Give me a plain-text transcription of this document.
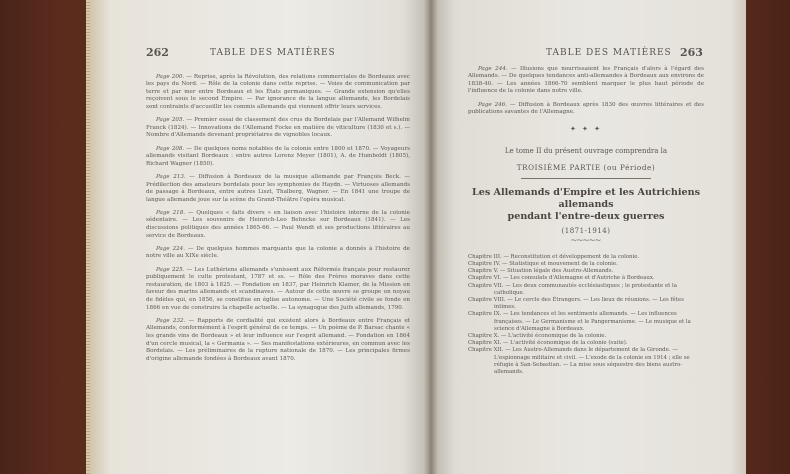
262	TABLE DES MATIÈRES

Page 200. — Reprise, après la Révolution, des relations commerciales de Bordeaux avec les pays du Nord. — Rôle de la colonie dans cette reprise. — Voies de communication par terre et par mer entre Bordeaux et les États germaniques. — Grande extension qu'elles reçoivent sous le second Empire. — Par ignorance de la langue allemande, les Bordelais sont contraints d'accueillir les commis allemands qui viennent offrir leurs services.

Page 205. — Premier essai de classement des crus du Bordelais par l'Allemand Wilhelm Franck (1824). — Innovations de l'Allemand Focke en matière de viticulture (1830 et s.). — Nombre d'Allemands devenant propriétaires de vignobles locaux.

Page 208. — De quelques noms notables de la colonie entre 1800 et 1870. — Voyageurs allemands visitant Bordeaux : entre autres Lorenz Meyer (1801), A. de Humboldt (1805), Richard Wagner (1850).

Page 213. — Diffusion à Bordeaux de la musique allemande par François Beck. — Prédilection des amateurs bordelais pour les symphonies de Haydn. — Virtuoses allemands de passage à Bordeaux, entre autres Liszt, Thalberg, Wagner. — En 1841 une troupe de langue allemande joue sur la scène du Grand-Théâtre l'opéra musical.

Page 218. — Quelques « faits divers » en liaison avec l'histoire interne de la colonie sédentaire. — Les souvenirs de Heinrich-Leo Behncke sur Bordeaux (1841). — Les discussions politiques des années 1865-66. — Paul Wendt et ses productions littéraires au service de Bordeaux.

Page 224. — De quelques hommes marquants que la colonie a donnés à l'histoire de notre ville au XIXe siècle.

Page 225. — Les Luthériens allemands s'unissent aux Réformés français pour restaurer publiquement le culte protestant, 1787 et ss. — Rôle des Frères moraves dans cette restauration, de 1803 à 1825. — Fondation en 1837, par Heinrich Klamer, de la Mission en faveur des marins allemands et scandinaves. — Autour de cette œuvre se groupe un noyau de fidèles qui, en 1856, se constitue en église autonome. — Une Société civile se fonde en 1866 en vue de construire la chapelle actuelle. — La synagogue des Juifs allemands, 1790.

Page 232. — Rapports de cordialité qui existent alors à Bordeaux entre Français et Allemands, conformément à l'esprit général de ce temps. — Un poème de P. Barsac chante « les grands vins de Bordeaux » et leur influence sur l'esprit allemand. — Fondation en 1864 d'un cercle musical, la « Germania ». — Ses manifestations extérieures, en commun avec les Bordelais. — Les préliminaires de la rupture nationale de 1870. — Les principales firmes d'origine allemande fondées à Bordeaux avant 1870.

TABLE DES MATIÈRES 263

Page 244. — Illusions que nourrissaient les Français d'alors à l'égard des Allemands. — De quelques tendances anti-allemandes à Bordeaux aux environs de 1838-40. — Les années 1866-70 semblent marquer le plus haut période de l'influence de la colonie dans notre ville.

Page 246. — Diffusion à Bordeaux après 1830 des œuvres littéraires et des publications savantes de l'Allemagne.

✦ ✦ ✦
Le tome II du présent ouvrage comprendra la
TROISIÈME PARTIE (ou Période)
Les Allemands d'Empire et les Autrichiens allemands
pendant l'entre-deux guerres
(1871-1914)
⁓⁓⁓⁓⁓
Chapitre III. — Reconstitution et développement de la colonie.
Chapitre IV. — Statistique et mouvement de la colonie.
Chapitre V. — Situation légale des Austro-Allemands.
Chapitre VI. — Les consulats d'Allemagne et d'Autriche à Bordeaux.
Chapitre VII. — Les deux communautés ecclésiastiques ; le protestante et la catholique.
Chapitre VIII. — Le cercle des Étrangers. — Les lieux de réunions. — Les fêtes intimes.
Chapitre IX. — Les tendances et les sentiments allemands. — Les influences françaises. — Le Germanisme et le Pangermanisme. — Le musique et la science d'Allemagne à Bordeaux.
Chapitre X. — L'activité économique de la colonie.
Chapitre XI. — L'activité économique de la colonie (suite).
Chapitre XII. — Les Austro-Allemands dans le département de la Gironde. — L'espionnage militaire et civil. — L'exode de la colonie en 1914 ; elle se réfugie à San-Sebastian. — La mise sous séquestre des biens austro-allemands.
